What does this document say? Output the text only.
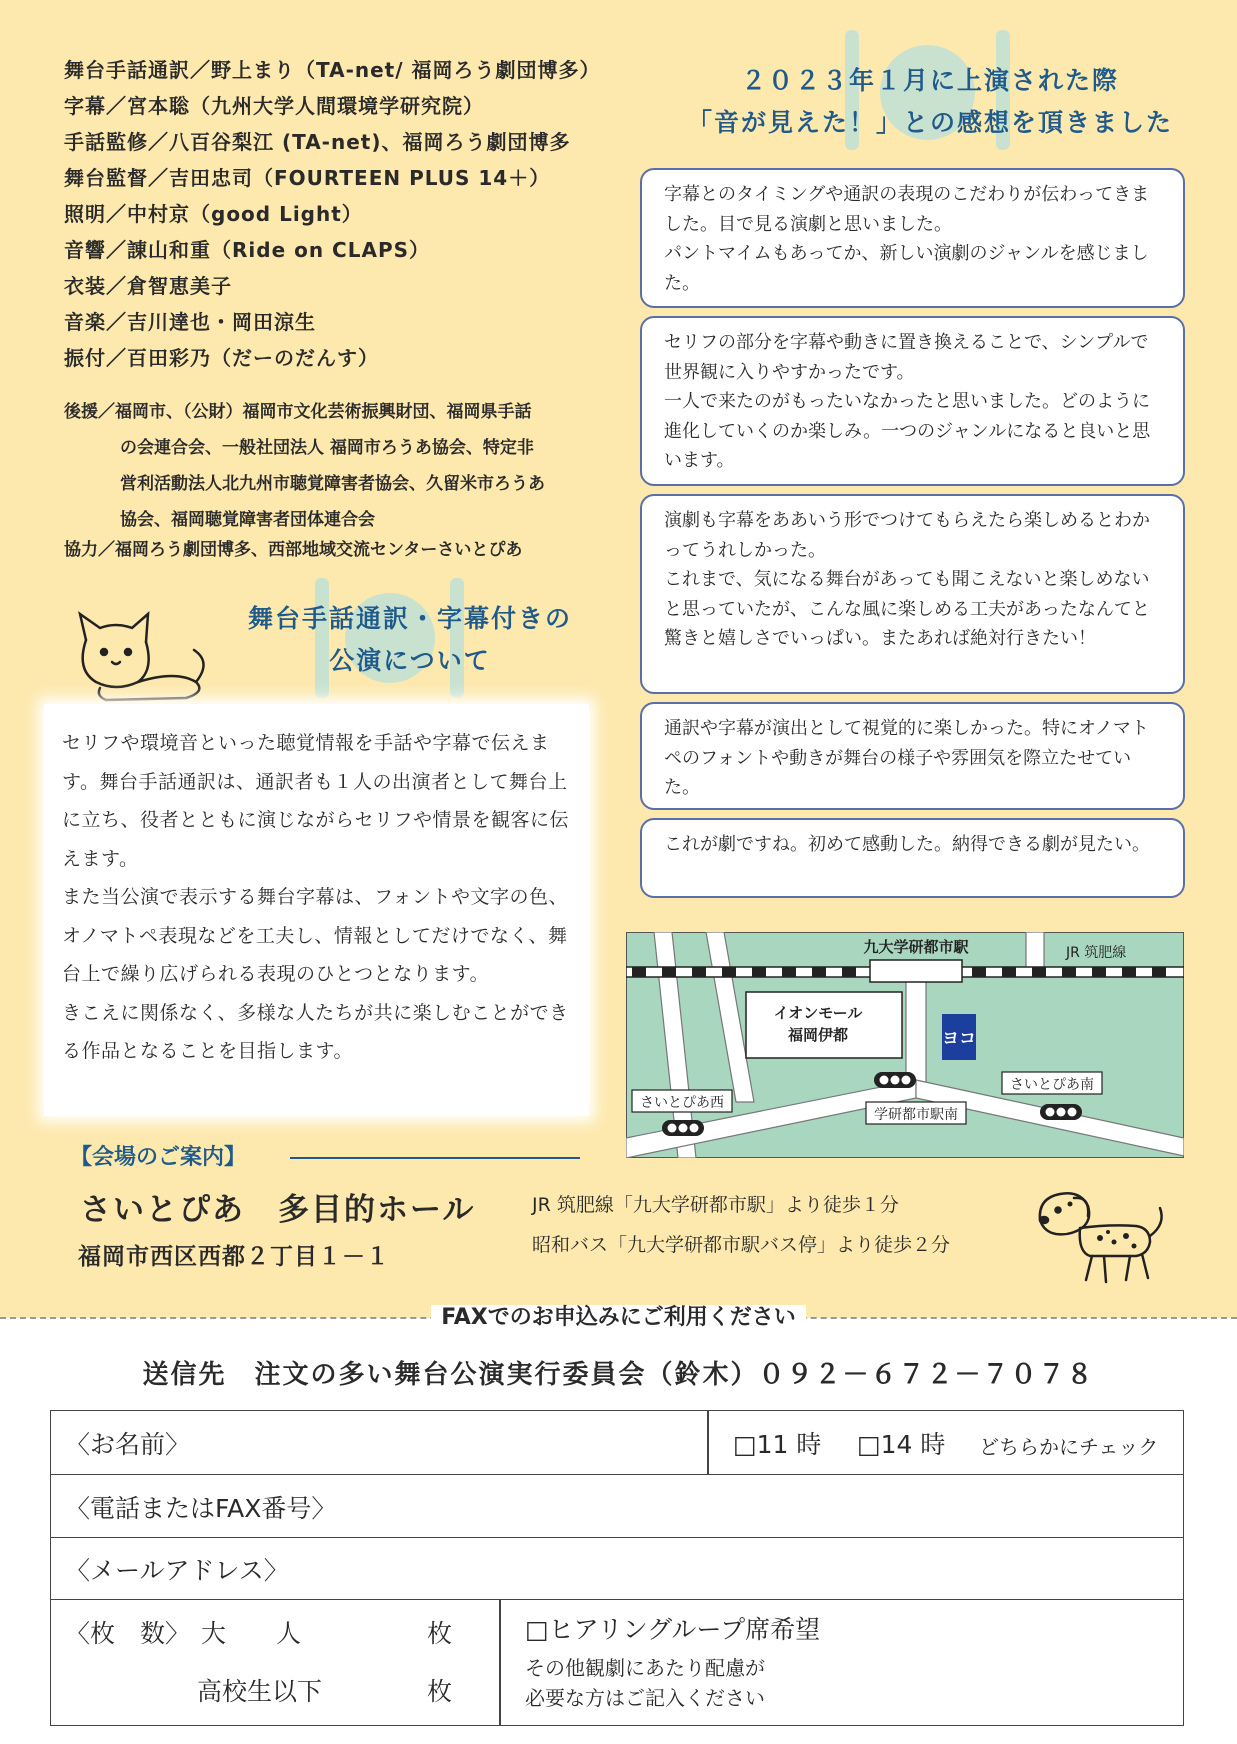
舞台手話通訳／野上まり（TA-net/ 福岡ろう劇団博多）
字幕／宮本聡（九州大学人間環境学研究院）
手話監修／八百谷梨江 (TA-net)、福岡ろう劇団博多
舞台監督／吉田忠司（FOURTEEN PLUS 14＋）
照明／中村京（good Light）
音響／諌山和重（Ride on CLAPS）
衣装／倉智恵美子
音楽／吉川達也・岡田涼生
振付／百田彩乃（だーのだんす）
後援／福岡市、（公財）福岡市文化芸術振興財団、福岡県手話
の会連合会、一般社団法人 福岡市ろうあ協会、特定非
営利活動法人北九州市聴覚障害者協会、久留米市ろうあ
協会、福岡聴覚障害者団体連合会
協力／福岡ろう劇団博多、西部地域交流センターさいとぴあ
舞台手話通訳・字幕付きの
公演について

セリフや環境音といった聴覚情報を手話や字幕で伝えます。舞台手話通訳は、通訳者も１人の出演者として舞台上に立ち、役者とともに演じながらセリフや情景を観客に伝えます。

また当公演で表示する舞台字幕は、フォントや文字の色、オノマトペ表現などを工夫し、情報としてだけでなく、舞台上で繰り広げられる表現のひとつとなります。

きこえに関係なく、多様な人たちが共に楽しむことができる作品となることを目指します。

２０２３年１月に上演された際
「音が見えた！」との感想を頂きました
字幕とのタイミングや通訳の表現のこだわりが伝わってきました。目で見る演劇と思いました。
パントマイムもあってか、新しい演劇のジャンルを感じました。
セリフの部分を字幕や動きに置き換えることで、シンプルで世界観に入りやすかったです。
一人で来たのがもったいなかったと思いました。どのように進化していくのか楽しみ。一つのジャンルになると良いと思います。
演劇も字幕をああいう形でつけてもらえたら楽しめるとわかってうれしかった。
これまで、気になる舞台があっても聞こえないと楽しめないと思っていたが、こんな風に楽しめる工夫があったなんてと驚きと嬉しさでいっぱい。またあれば絶対行きたい！
通訳や字幕が演出として視覚的に楽しかった。特にオノマトペのフォントや動きが舞台の様子や雰囲気を際立たせていた。
これが劇ですね。初めて感動した。納得できる劇が見たい。
九大学研都市駅	JR 筑肥線
イオンモール
福岡伊都	ヨコ
さいとぴあ西
学研都市駅南
さいとぴあ南
【会場のご案内】
さいとぴあ　多目的ホール
福岡市西区西都２丁目１－１
JR 筑肥線「九大学研都市駅」より徒歩１分
昭和バス「九大学研都市駅バス停」より徒歩２分
FAXでのお申込みにご利用ください
送信先　注文の多い舞台公演実行委員会（鈴木）０９２－６７２－７０７８
〈お名前〉	□11 時 □14 時 どちらかにチェック
〈電話またはFAX番号〉
〈メールアドレス〉
〈枚　数〉 大　　人	枚
高校生以下	枚
□ヒアリングループ席希望
その他観劇にあたり配慮が
必要な方はご記入ください
